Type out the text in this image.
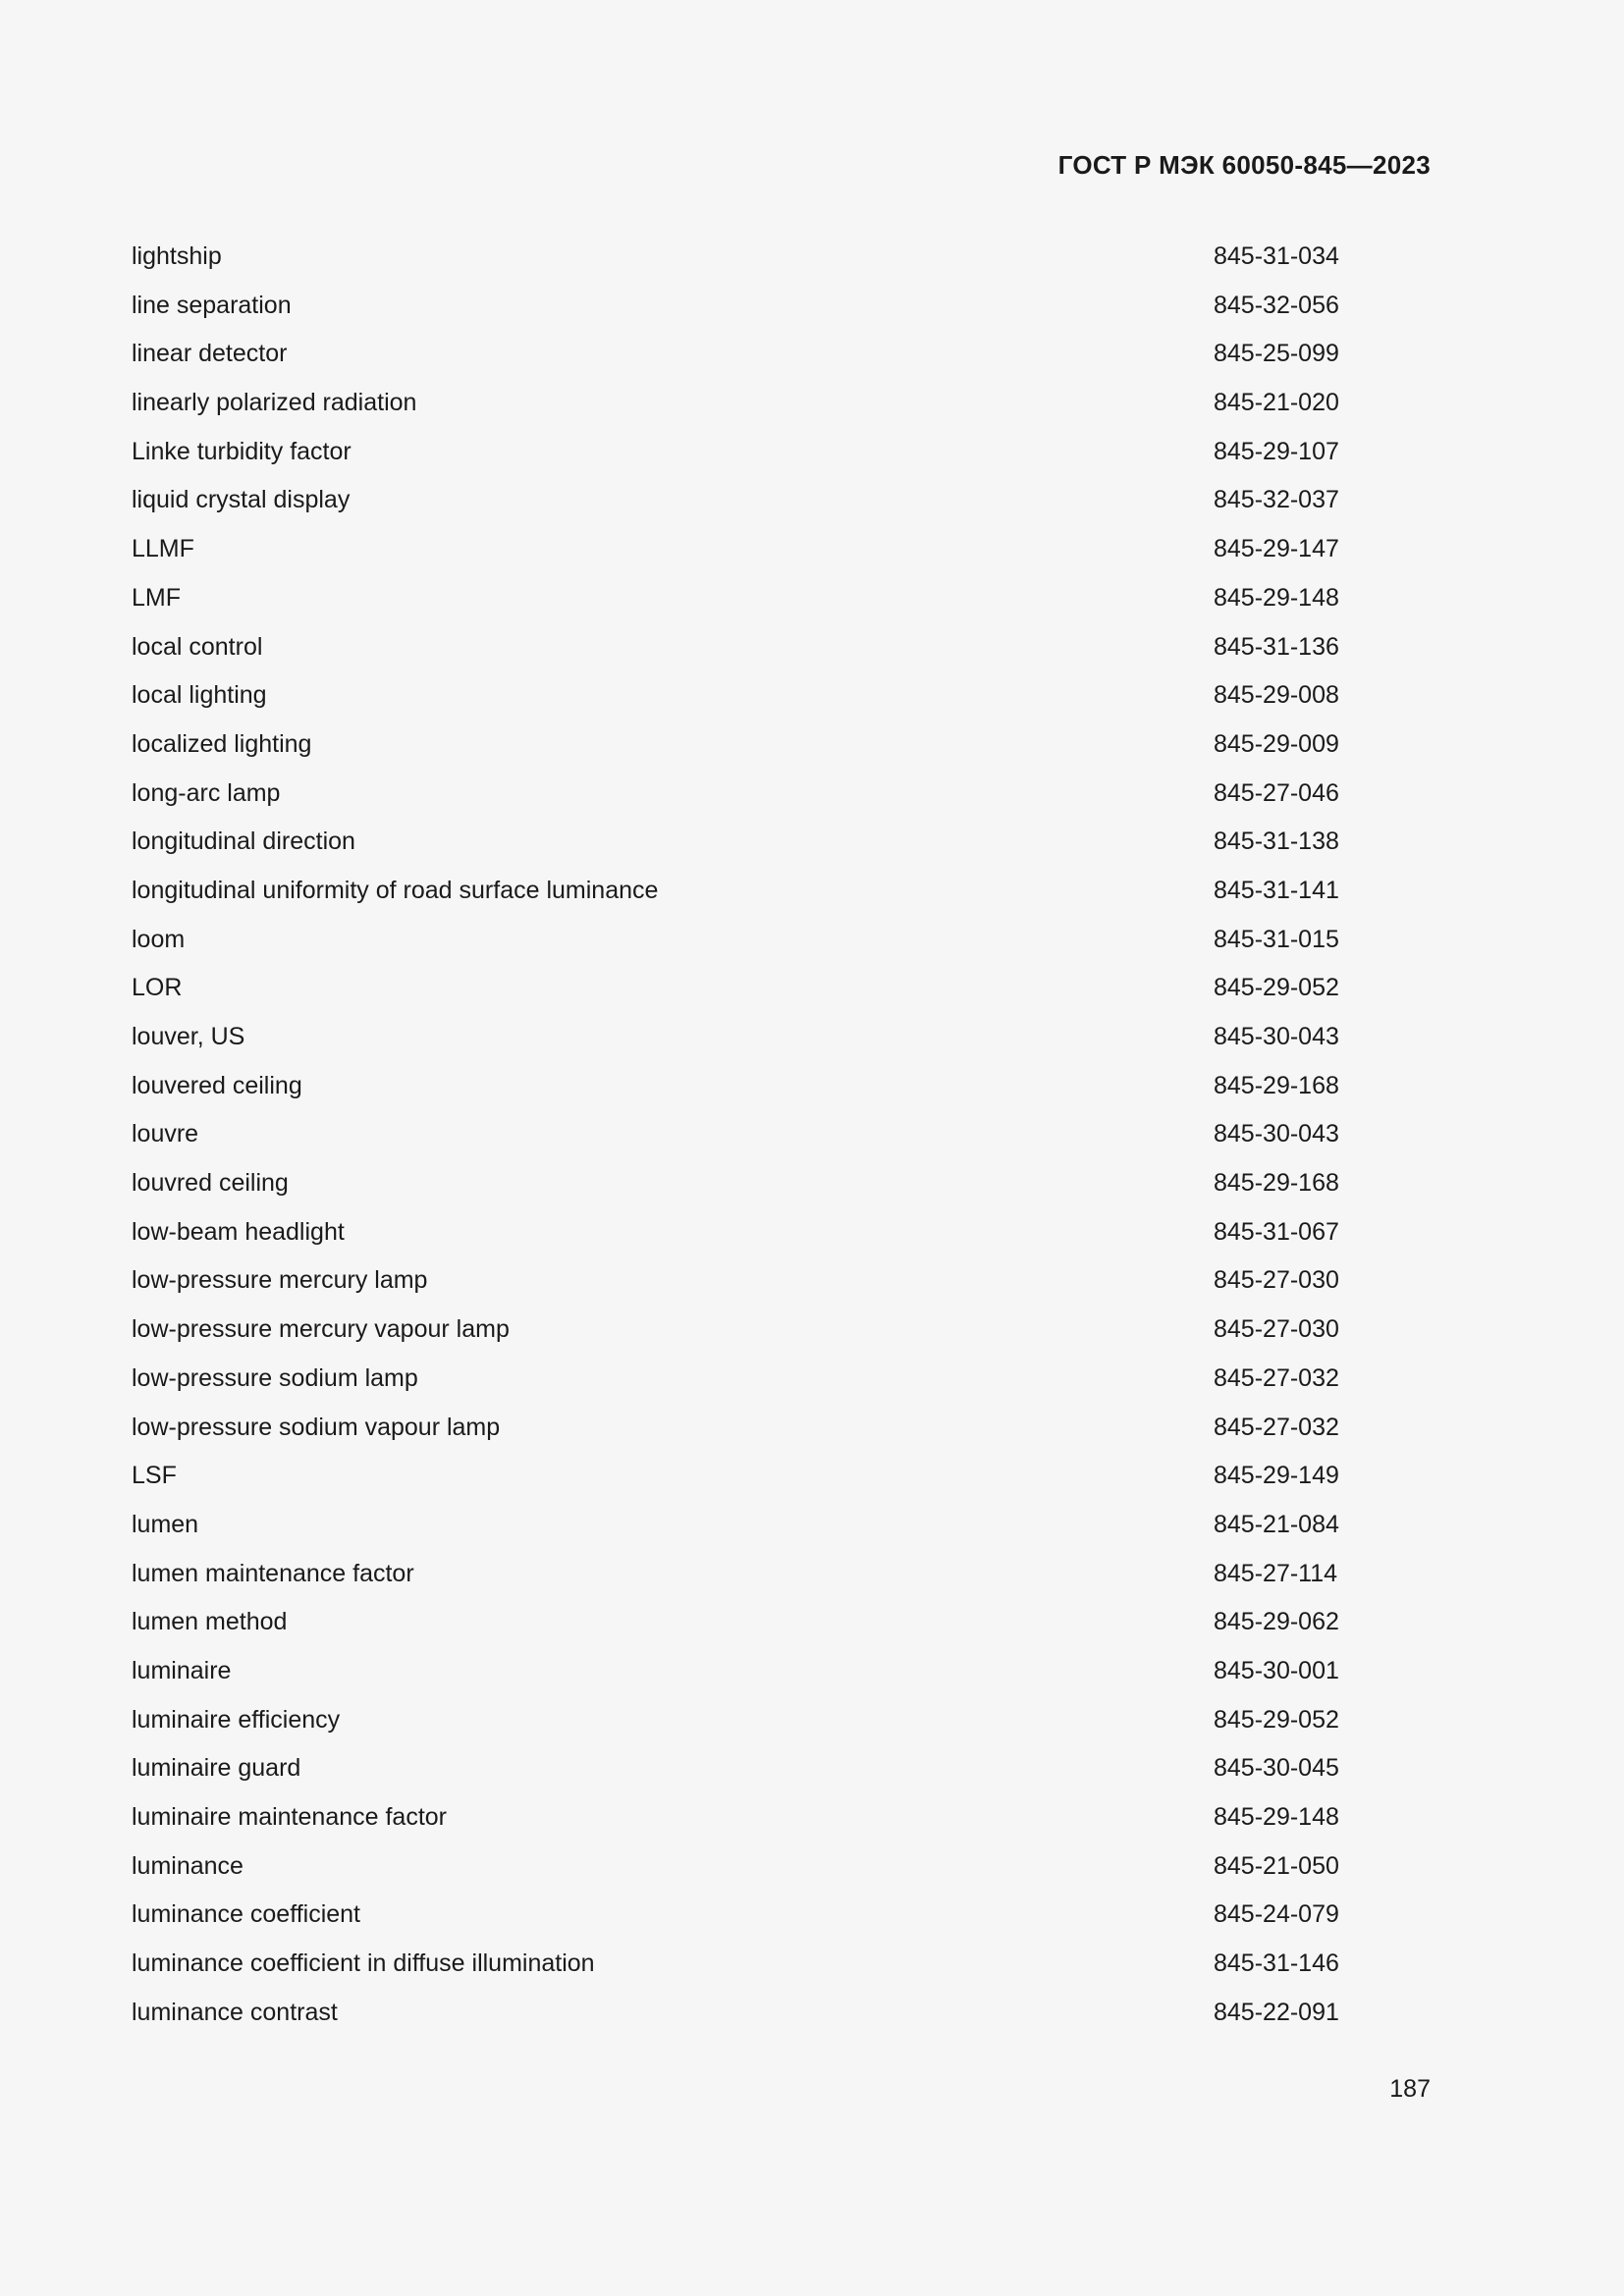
ГОСТ Р МЭК 60050-845—2023
lightship	845-31-034
line separation	845-32-056
linear detector	845-25-099
linearly polarized radiation	845-21-020
Linke turbidity factor	845-29-107
liquid crystal display	845-32-037
LLMF	845-29-147
LMF	845-29-148
local control	845-31-136
local lighting	845-29-008
localized lighting	845-29-009
long-arc lamp	845-27-046
longitudinal direction	845-31-138
longitudinal uniformity of road surface luminance	845-31-141
loom	845-31-015
LOR	845-29-052
louver, US	845-30-043
louvered ceiling	845-29-168
louvre	845-30-043
louvred ceiling	845-29-168
low-beam headlight	845-31-067
low-pressure mercury lamp	845-27-030
low-pressure mercury vapour lamp	845-27-030
low-pressure sodium lamp	845-27-032
low-pressure sodium vapour lamp	845-27-032
LSF	845-29-149
lumen	845-21-084
lumen maintenance factor	845-27-114
lumen method	845-29-062
luminaire	845-30-001
luminaire efficiency	845-29-052
luminaire guard	845-30-045
luminaire maintenance factor	845-29-148
luminance	845-21-050
luminance coefficient	845-24-079
luminance coefficient in diffuse illumination	845-31-146
luminance contrast	845-22-091
187
